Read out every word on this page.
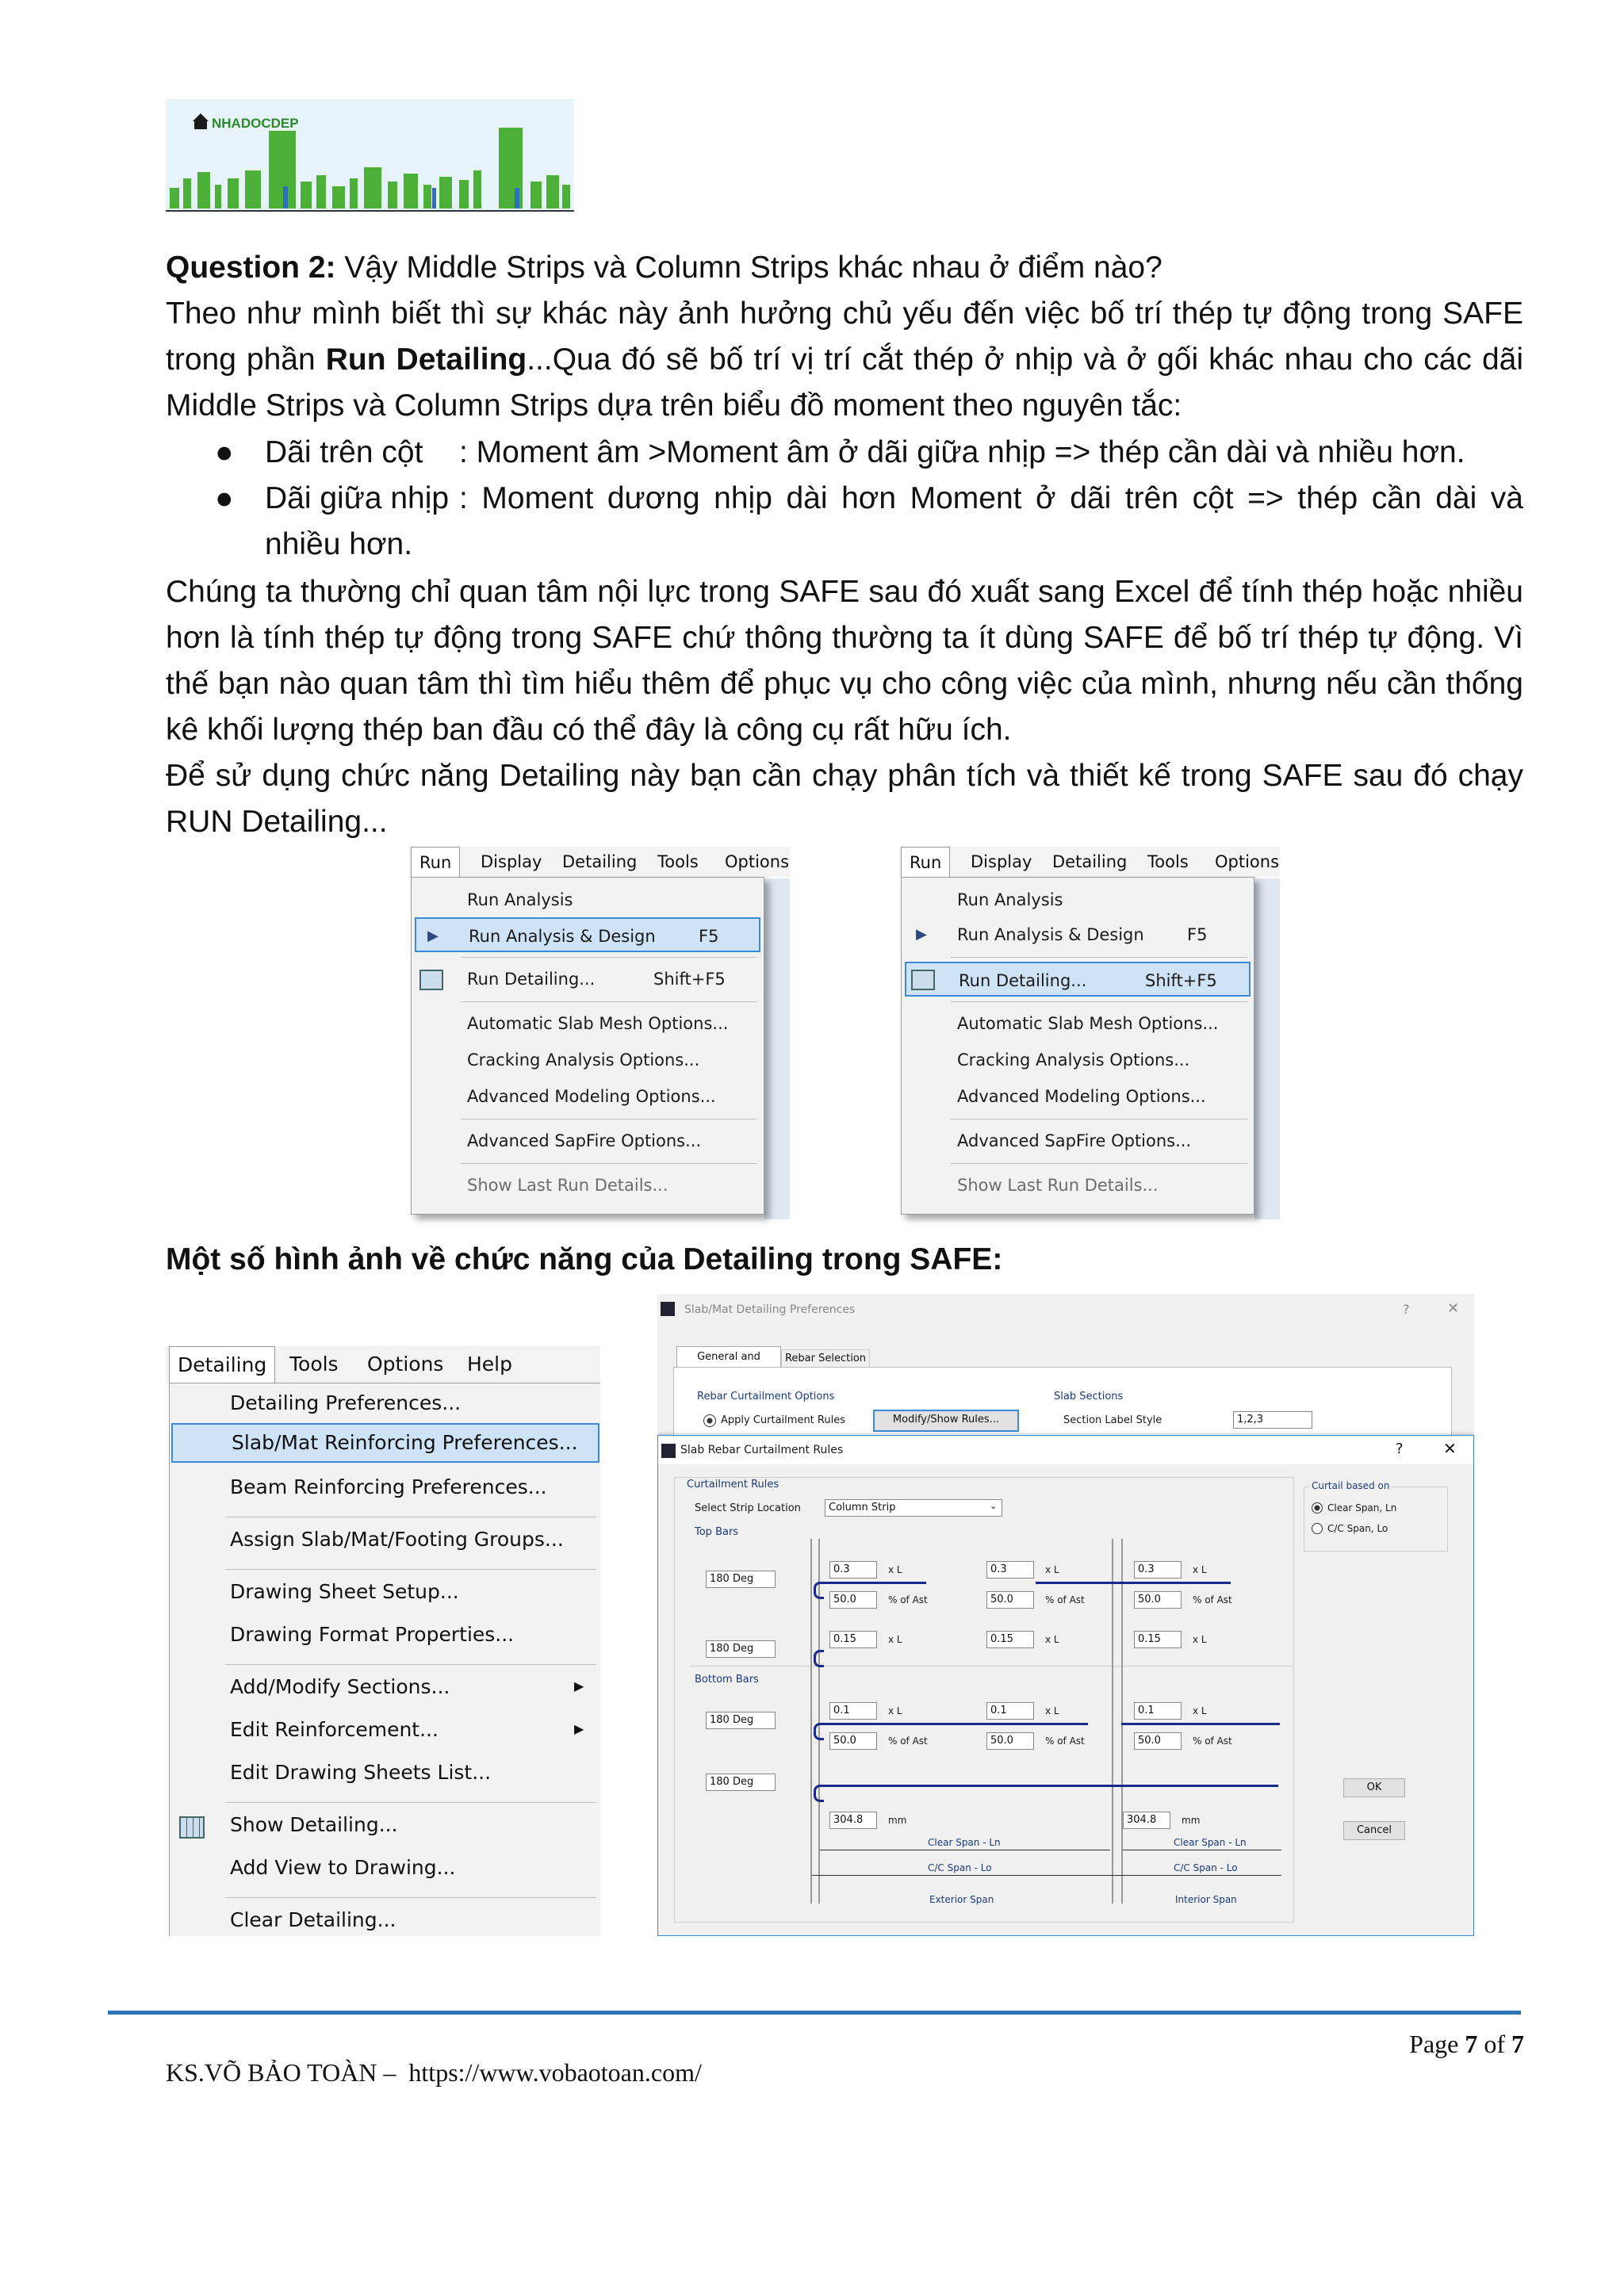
NHADOCDEP
Question 2: Vậy Middle Strips và Column Strips khác nhau ở điểm nào?
Theo như mình biết thì sự khác này ảnh hưởng chủ yếu đến việc bố trí thép tự động trong SAFE trong phần Run Detailing...Qua đó sẽ bố trí vị trí cắt thép ở nhịp và ở gối khác nhau cho các dãi Middle Strips và Column Strips dựa trên biểu đồ moment theo nguyên tắc:
● Dãi trên cột : Moment âm >Moment âm ở dãi giữa nhịp => thép cần dài và nhiều hơn.
● Dãi giữa nhịp : Moment dương nhịp dài hơn Moment ở dãi trên cột => thép cần dài và nhiều hơn.
Chúng ta thường chỉ quan tâm nội lực trong SAFE sau đó xuất sang Excel để tính thép hoặc nhiều hơn là tính thép tự động trong SAFE chứ thông thường ta ít dùng SAFE để bố trí thép tự động. Vì thế bạn nào quan tâm thì tìm hiểu thêm để phục vụ cho công việc của mình, nhưng nếu cần thống kê khối lượng thép ban đầu có thể đây là công cụ rất hữu ích.
Để sử dụng chức năng Detailing này bạn cần chạy phân tích và thiết kế trong SAFE sau đó chạy RUN Detailing...
Run	Display Detailing Tools Options
Run Analysis
▶ Run Analysis & Design	F5
Run Detailing...	Shift+F5
Automatic Slab Mesh Options...
Cracking Analysis Options...
Advanced Modeling Options...
Advanced SapFire Options...
Show Last Run Details...
Run	Display Detailing Tools Options
Run Analysis
▶ Run Analysis & Design	F5
Run Detailing...	Shift+F5
Automatic Slab Mesh Options...
Cracking Analysis Options...
Advanced Modeling Options...
Advanced SapFire Options...
Show Last Run Details...
Một số hình ảnh về chức năng của Detailing trong SAFE:
Detailing	Tools Options Help
Detailing Preferences...
Slab/Mat Reinforcing Preferences...
Beam Reinforcing Preferences...
Assign Slab/Mat/Footing Groups...
Drawing Sheet Setup...
Drawing Format Properties...
Add/Modify Sections...	▶
Edit Reinforcement...	▶
Edit Drawing Sheets List...
Show Detailing...
Add View to Drawing...
Clear Detailing...
Slab/Mat Detailing Preferences	?	✕
General and	Rebar Selection
Rebar Curtailment Options
Apply Curtailment Rules	Modify/Show Rules...
Slab Sections
Section Label Style	1,2,3
Slab Rebar Curtailment Rules	?	✕
Curtailment Rules
Select Strip Location	Column Strip	⌄
Top Bars
180 Deg
180 Deg
Bottom Bars
180 Deg
180 Deg
0.3	x L	0.3	x L	0.3	x L
50.0	% of Ast	50.0	% of Ast	50.0	% of Ast
0.15	x L	0.15	x L	0.15	x L
0.1	x L	0.1	x L	0.1	x L
50.0	% of Ast	50.0	% of Ast	50.0	% of Ast
304.8	mm	304.8	mm
Clear Span - Ln
C/C Span - Lo
Exterior Span
Clear Span - Ln
C/C Span - Lo
Interior Span
Curtail based on
Clear Span, Ln
C/C Span, Lo
OK
Cancel
Page 7 of 7
KS.VÕ BẢO TOÀN –  https://www.vobaotoan.com/
